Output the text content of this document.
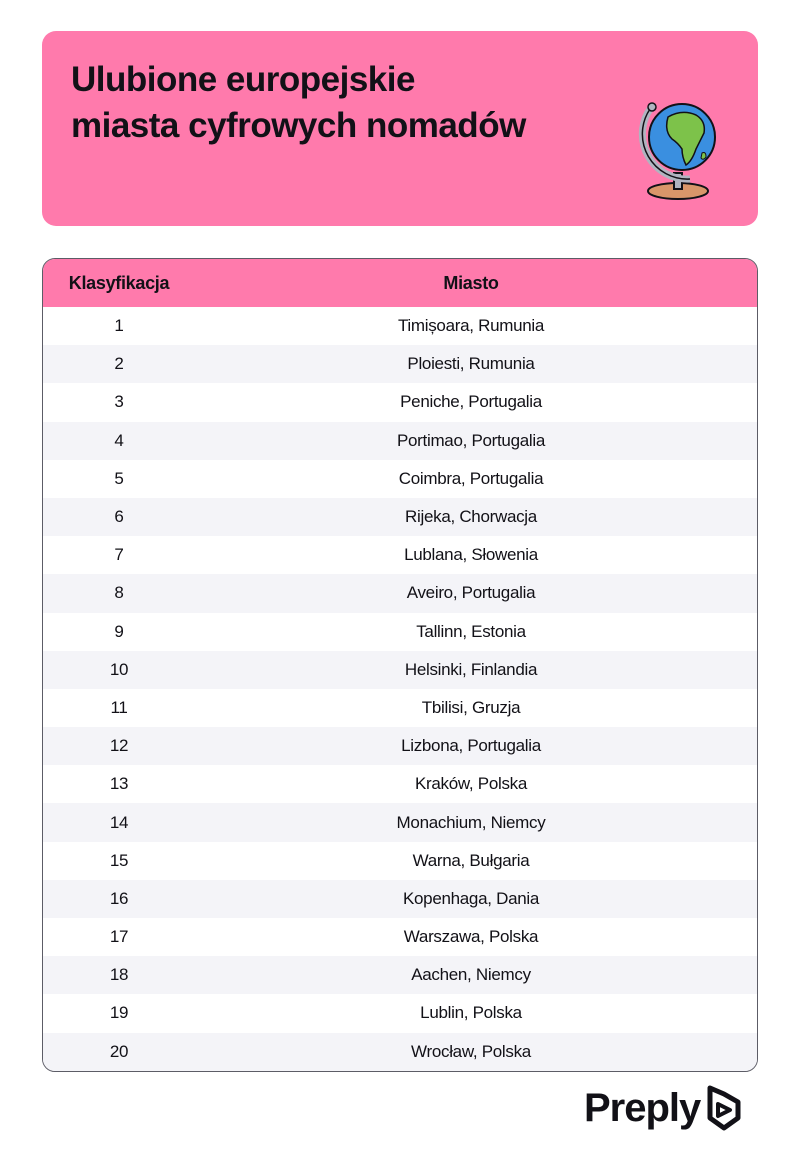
Ulubione europejskie
miasta cyfrowych nomadów
Klasyfikacja	Miasto
1	Timișoara, Rumunia
2	Ploiesti, Rumunia
3	Peniche, Portugalia
4	Portimao, Portugalia
5	Coimbra, Portugalia
6	Rijeka, Chorwacja
7	Lublana, Słowenia
8	Aveiro, Portugalia
9	Tallinn, Estonia
10	Helsinki, Finlandia
11	Tbilisi, Gruzja
12	Lizbona, Portugalia
13	Kraków, Polska
14	Monachium, Niemcy
15	Warna, Bułgaria
16	Kopenhaga, Dania
17	Warszawa, Polska
18	Aachen, Niemcy
19	Lublin, Polska
20	Wrocław, Polska
Preply
